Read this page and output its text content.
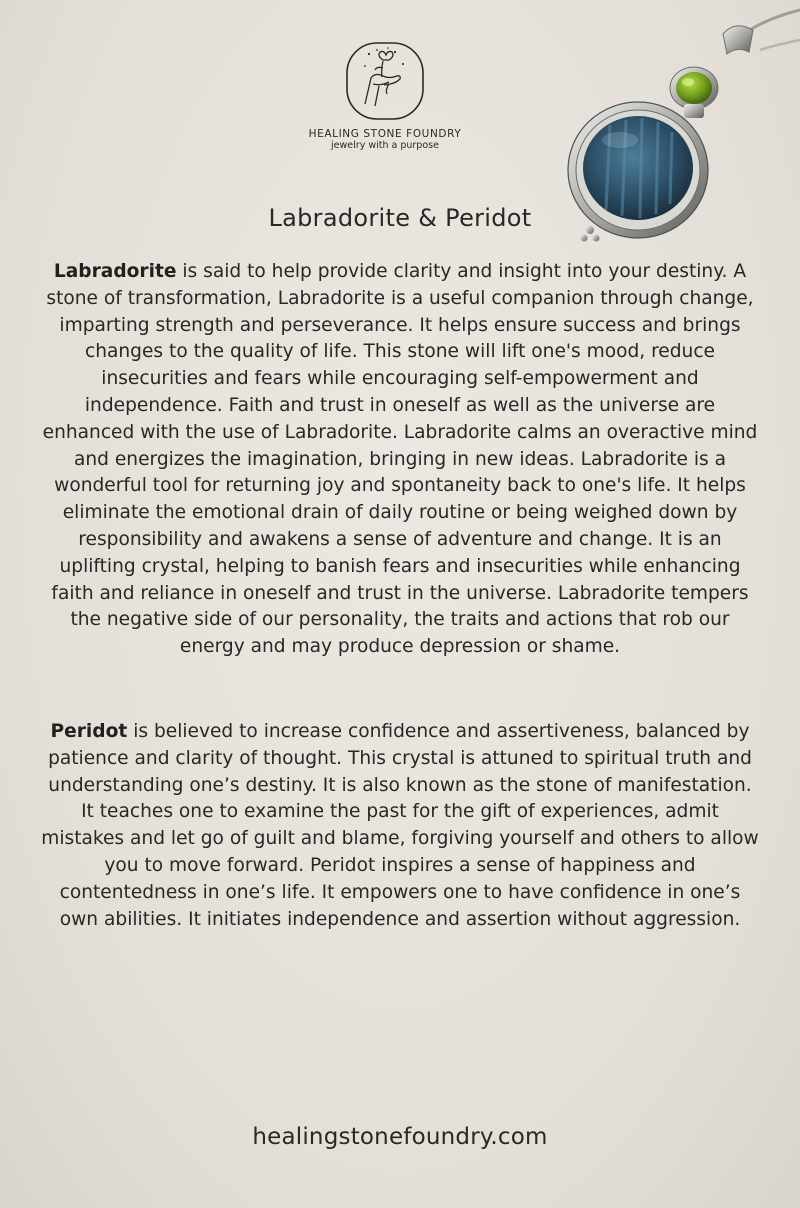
HEALING STONE FOUNDRY
jewelry with a purpose
Labradorite & Peridot
Labradorite is said to help provide clarity and insight into your destiny. A stone of transformation, Labradorite is a useful companion through change, imparting strength and perseverance. It helps ensure success and brings changes to the quality of life. This stone will lift one's mood, reduce insecurities and fears while encouraging self-empowerment and independence. Faith and trust in oneself as well as the universe are enhanced with the use of Labradorite. Labradorite calms an overactive mind and energizes the imagination, bringing in new ideas. Labradorite is a wonderful tool for returning joy and spontaneity back to one's life. It helps eliminate the emotional drain of daily routine or being weighed down by responsibility and awakens a sense of adventure and change. It is an uplifting crystal, helping to banish fears and insecurities while enhancing faith and reliance in oneself and trust in the universe. Labradorite tempers the negative side of our personality, the traits and actions that rob our energy and may produce depression or shame.
Peridot is believed to increase confidence and assertiveness, balanced by patience and clarity of thought. This crystal is attuned to spiritual truth and understanding one’s destiny. It is also known as the stone of manifestation. It teaches one to examine the past for the gift of experiences, admit mistakes and let go of guilt and blame, forgiving yourself and others to allow you to move forward. Peridot inspires a sense of happiness and contentedness in one’s life. It empowers one to have confidence in one’s own abilities. It initiates independence and assertion without aggression.
healingstonefoundry.com
